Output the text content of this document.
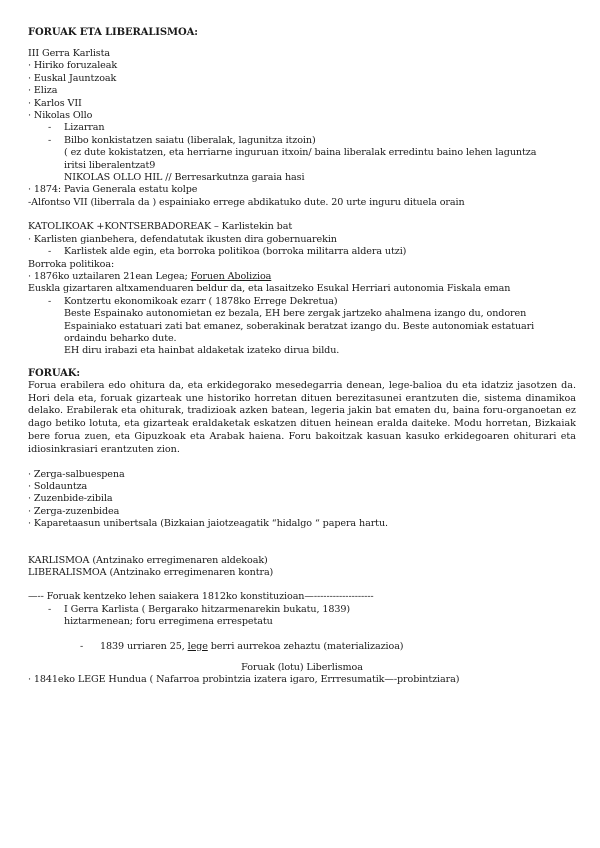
FORUAK ETA LIBERALISMOA:
III Gerra Karlista
· Hiriko foruzaleak
· Euskal Jauntzoak
· Eliza
· Karlos VII
· Nikolas Ollo
- Lizarran
- Bilbo konkistatzen saiatu (liberalak, lagunitza itzoin)
( ez dute kokistatzen, eta herriarne inguruan itxoin/ baina liberalak erredintu baino lehen laguntza
iritsi liberalentzat9
NIKOLAS OLLO HIL // Berresarkutnza garaia hasi
· 1874: Pavia Generala estatu kolpe
-Alfontso VII (liberrala da ) espainiako errege abdikatuko dute. 20 urte inguru dituela orain
KATOLIKOAK +KONTSERBADOREAK – Karlistekin bat
· Karlisten gianbehera, defendatutak ikusten dira gobernuarekin
- Karlistek alde egin, eta borroka politikoa (borroka militarra aldera utzi)
Borroka politikoa:
· 1876ko uztailaren 21ean Legea; Foruen Abolizioa
Euskla gizartaren altxamenduaren beldur da, eta lasaitzeko Esukal Herriari autonomia Fiskala eman
- Kontzertu ekonomikoak ezarr ( 1878ko Errege Dekretua)
Beste Espainako autonomietan ez bezala, EH bere zergak jartzeko ahalmena izango du, ondoren
Espainiako estatuari zati bat emanez, soberakinak beratzat izango du. Beste autonomiak estatuari
ordaindu beharko dute.
EH diru irabazi eta hainbat aldaketak izateko dirua bildu.
FORUAK:
Forua erabilera edo ohitura da, eta erkidegorako mesedegarria denean, lege-balioa du eta idatziz jasotzen da. Hori dela eta, foruak gizarteak une historiko horretan dituen berezitasunei erantzuten die, sistema dinamikoa delako. Erabilerak eta ohiturak, tradizioak azken batean, legeria jakin bat ematen du, baina foru-organoetan ez dago betiko lotuta, eta gizarteak eraldaketak eskatzen dituen heinean eralda daiteke. Modu horretan, Bizkaiak bere forua zuen, eta Gipuzkoak eta Arabak haiena. Foru bakoitzak kasuan kasuko erkidegoaren ohiturari eta idiosinkrasiari erantzuten zion.
· Zerga-salbuespena
· Soldauntza
· Zuzenbide-zibila
· Zerga-zuzenbidea
· Kaparetaasun unibertsala (Bizkaian jaiotzeagatik “hidalgo “ papera hartu.
KARLISMOA (Antzinako erregimenaren aldekoak)
LIBERALISMOA (Antzinako erregimenaren kontra)
—-- Foruak kentzeko lehen saiakera 1812ko konstituzioan—-------------------
- I Gerra Karlista ( Bergarako hitzarmenarekin bukatu, 1839)
hiztarmenean; foru erregimena errespetatu
- 1839 urriaren 25, lege berri aurrekoa zehaztu (materializazioa)
Foruak (lotu) Liberlismoa
· 1841eko LEGE Hundua ( Nafarroa probintzia izatera igaro, Errresumatik—-probintziara)
